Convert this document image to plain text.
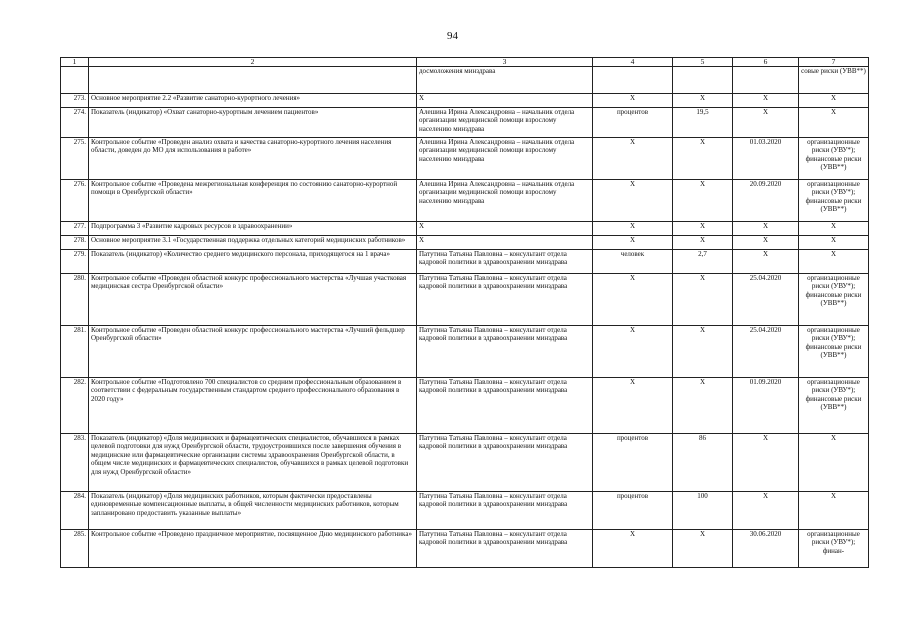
94
1	2	3	4	5	6	7
		досмоложения минздрава				совые риски (УВВ**)
273.	Основное мероприятие 2.2 «Развитие санаторно-курортного лечения»	X	X	X	X	X
274.	Показатель (индикатор) «Охват санаторно-курортным лечением пациентов»	Алешина Ирина Александровна – начальник отдела организации медицинской помощи взрослому населению минздрава	процентов	19,5	X	X
275.	Контрольное событие «Проведен анализ охвата и качества санаторно-курортного лечения населения области, доведен до МО для использования в работе»	Алешина Ирина Александровна – начальник отдела организации медицинской помощи взрослому населению минздрава	X	X	01.03.2020	организационные риски (УВУ*); финансовые риски (УВВ**)
276.	Контрольное событие «Проведена межрегиональная конференция по состоянию санаторно-курортной помощи в Оренбургской области»	Алешина Ирина Александровна – начальник отдела организации медицинской помощи взрослому населению минздрава	X	X	20.09.2020	организационные риски (УВУ*); финансовые риски (УВВ**)
277.	Подпрограмма 3 «Развитие кадровых ресурсов в здравоохранении»	X	X	X	X	X
278.	Основное мероприятие 3.1 «Государственная поддержка отдельных категорий медицинских работников»	X	X	X	X	X
279.	Показатель (индикатор) «Количество среднего медицинского персонала, приходящегося на 1 врача»	Патутина Татьяна Павловна – консультант отдела кадровой политики в здравоохранении минздрава	человек	2,7	X	X
280.	Контрольное событие «Проведен областной конкурс профессионального мастерства «Лучшая участковая медицинская сестра Оренбургской области»	Патутина Татьяна Павловна – консультант отдела кадровой политики в здравоохранении минздрава	X	X	25.04.2020	организационные риски (УВУ*); финансовые риски (УВВ**)
281.	Контрольное событие «Проведен областной конкурс профессионального мастерства «Лучший фельдшер Оренбургской области»	Патутина Татьяна Павловна – консультант отдела кадровой политики в здравоохранении минздрава	X	X	25.04.2020	организационные риски (УВУ*); финансовые риски (УВВ**)
282.	Контрольное событие «Подготовлено 700 специалистов со средним профессиональным образованием в соответствии с федеральным государственным стандартом среднего профессионального образования в 2020 году»	Патутина Татьяна Павловна – консультант отдела кадровой политики в здравоохранении минздрава	X	X	01.09.2020	организационные риски (УВУ*); финансовые риски (УВВ**)
283.	Показатель (индикатор) «Доля медицинских и фармацевтических специалистов, обучавшихся в рамках целевой подготовки для нужд Оренбургской области, трудоустроившихся после завершения обучения в медицинские или фармацевтические организации системы здравоохранения Оренбургской области, в общем числе медицинских и фармацевтических специалистов, обучавшихся в рамках целевой подготовки для нужд Оренбургской области»	Патутина Татьяна Павловна – консультант отдела кадровой политики в здравоохранении минздрава	процентов	86	X	X
284.	Показатель (индикатор) «Доля медицинских работников, которым фактически предоставлены единовременные компенсационные выплаты, в общей численности медицинских работников, которым запланировано предоставить указанные выплаты»	Патутина Татьяна Павловна – консультант отдела кадровой политики в здравоохранении минздрава	процентов	100	X	X
285.	Контрольное событие «Проведено праздничное мероприятие, посвященное Дню медицинского работника»	Патутина Татьяна Павловна – консультант отдела кадровой политики в здравоохранении минздрава	X	X	30.06.2020	организационные риски (УВУ*); финан-
